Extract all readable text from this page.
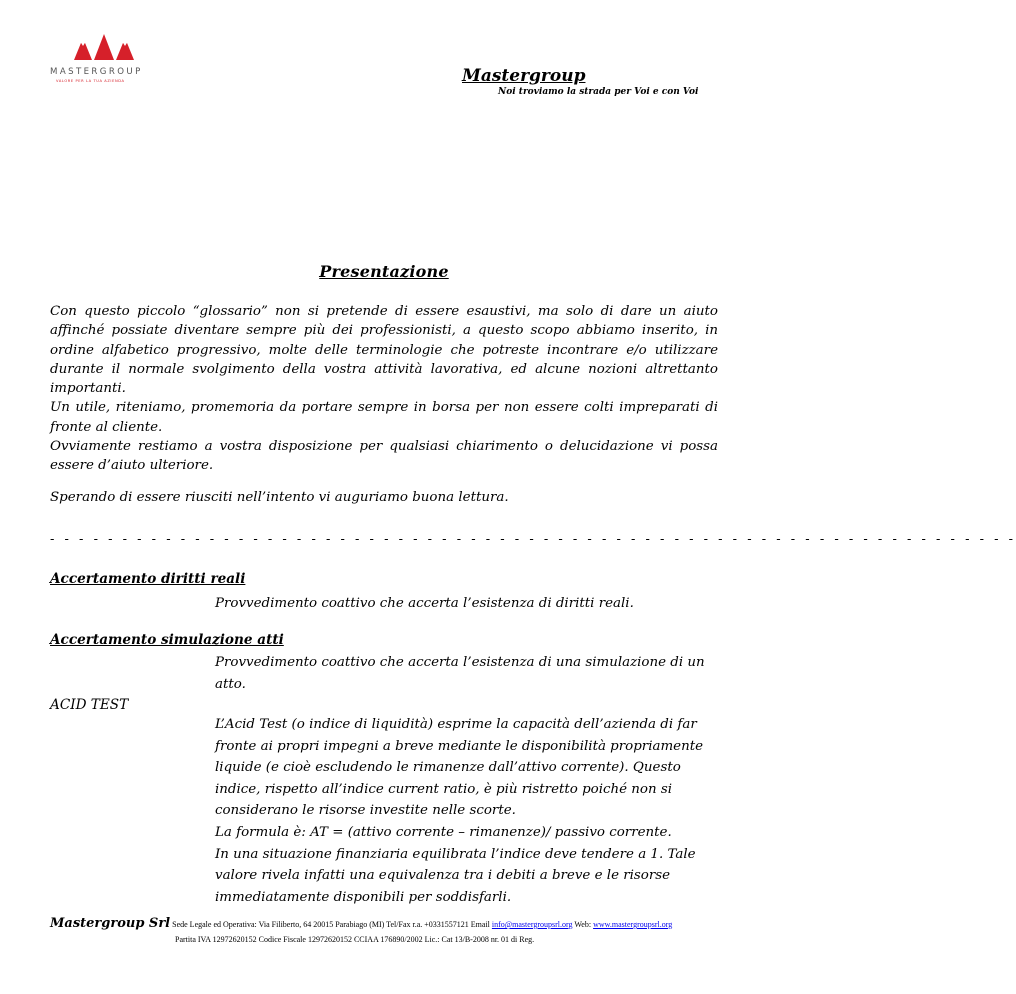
MASTERGROUP
VALORE PER LA TUA AZIENDA	Mastergroup
Noi troviamo la strada per Voi e con Voi
Presentazione

Con questo piccolo “glossario” non si pretende di essere esaustivi, ma solo di dare un aiuto affinché possiate diventare sempre più dei professionisti, a questo scopo abbiamo inserito, in ordine alfabetico progressivo, molte delle terminologie che potreste incontrare e/o utilizzare durante il normale svolgimento della vostra attività lavorativa, ed alcune nozioni altrettanto importanti.

Un utile, riteniamo, promemoria da portare sempre in borsa per non essere colti impreparati di fronte al cliente.

Ovviamente restiamo a vostra disposizione per qualsiasi chiarimento o delucidazione vi possa essere d’aiuto ulteriore.

Sperando di essere riusciti nell’intento vi auguriamo buona lettura.
- - - - - - - - - - - - - - - - - - - - - - - - - - - - - - - - - - - - - - - - - - - - - - - - - - - - - - - - - - - - - - - - - - -
Accertamento diritti reali
Provvedimento coattivo che accerta l’esistenza di diritti reali.
Accertamento simulazione atti
Provvedimento coattivo che accerta l’esistenza di una simulazione di un atto.
ACID TEST

L’Acid Test (o indice di liquidità) esprime la capacità dell’azienda di far fronte ai propri impegni a breve mediante le disponibilità propriamente liquide (e cioè escludendo le rimanenze dall’attivo corrente). Questo indice, rispetto all’indice current ratio, è più ristretto poiché non si considerano le risorse investite nelle scorte.

La formula è: AT = (attivo corrente – rimanenze)/ passivo corrente.

In una situazione finanziaria equilibrata l’indice deve tendere a 1. Tale valore rivela infatti una equivalenza tra i debiti a breve e le risorse immediatamente disponibili per soddisfarli.

Mastergroup Srl Sede Legale ed Operativa: Via Filiberto, 64 20015 Parabiago (MI) Tel/Fax r.a. +0331557121 Email info@mastergroupsrl.org Web: www.mastergroupsrl.org
Partita IVA 12972620152 Codice Fiscale 12972620152 CCIAA 176890/2002 Lic.: Cat 13/B-2008 nr. 01 di Reg.
